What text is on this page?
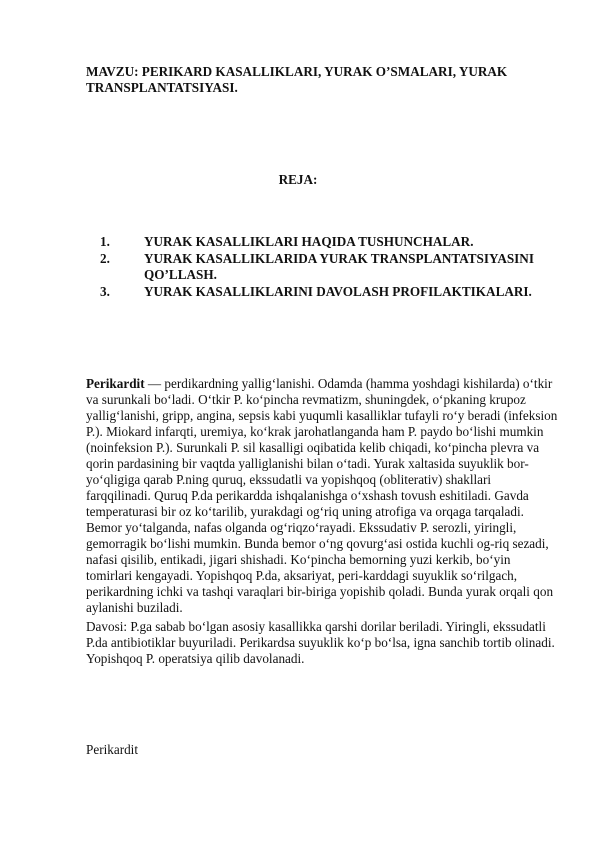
MAVZU: PERIKARD KASALLIKLARI, YURAK O’SMALARI, YURAK TRANSPLANTATSIYASI.
REJA:
1.	YURAK KASALLIKLARI HAQIDA TUSHUNCHALAR.
2.	YURAK KASALLIKLARIDA YURAK TRANSPLANTATSIYASINI QO’LLASH.
3.	YURAK KASALLIKLARINI DAVOLASH PROFILAKTIKALARI.

Perikardit — perdikardning yallig‘lanishi. Odamda (hamma yoshdagi kishilarda) o‘tkir va surunkali bo‘ladi. O‘tkir P. ko‘pincha revmatizm, shuningdek, o‘pkaning krupoz yallig‘lanishi, gripp, angina, sepsis kabi yuqumli kasalliklar tufayli ro‘y beradi (infeksion P.). Miokard infarqti, uremiya, ko‘krak jarohatlanganda ham P. paydo bo‘lishi mumkin (noinfeksion P.). Surunkali P. sil kasalligi oqibatida kelib chiqadi, ko‘pincha plevra va qorin pardasining bir vaqtda yalliglanishi bilan o‘tadi. Yurak xaltasida suyuklik bor-yo‘qligiga qarab P.ning quruq, ekssudatli va yopishqoq (obliterativ) shakllari farqqilinadi. Quruq P.da perikardda ishqalanishga o‘xshash tovush eshitiladi. Gavda temperaturasi bir oz ko‘tarilib, yurakdagi og‘riq uning atrofiga va orqaga tarqaladi. Bemor yo‘talganda, nafas olganda og‘riqzo‘rayadi. Ekssudativ P. serozli, yiringli, gemorragik bo‘lishi mumkin. Bunda bemor o‘ng qovurg‘asi ostida kuchli og-riq sezadi, nafasi qisilib, entikadi, jigari shishadi. Ko‘pincha bemorning yuzi kerkib, bo‘yin tomirlari kengayadi. Yopishqoq P.da, aksariyat, peri-karddagi suyuklik so‘rilgach, perikardning ichki va tashqi varaqlari bir-biriga yopishib qoladi. Bunda yurak orqali qon aylanishi buziladi.

Davosi: P.ga sabab bo‘lgan asosiy kasallikka qarshi dorilar beriladi. Yiringli, ekssudatli P.da antibiotiklar buyuriladi. Perikardsa suyuklik ko‘p bo‘lsa, igna sanchib tortib olinadi. Yopishqoq P. operatsiya qilib davolanadi.

Perikardit
